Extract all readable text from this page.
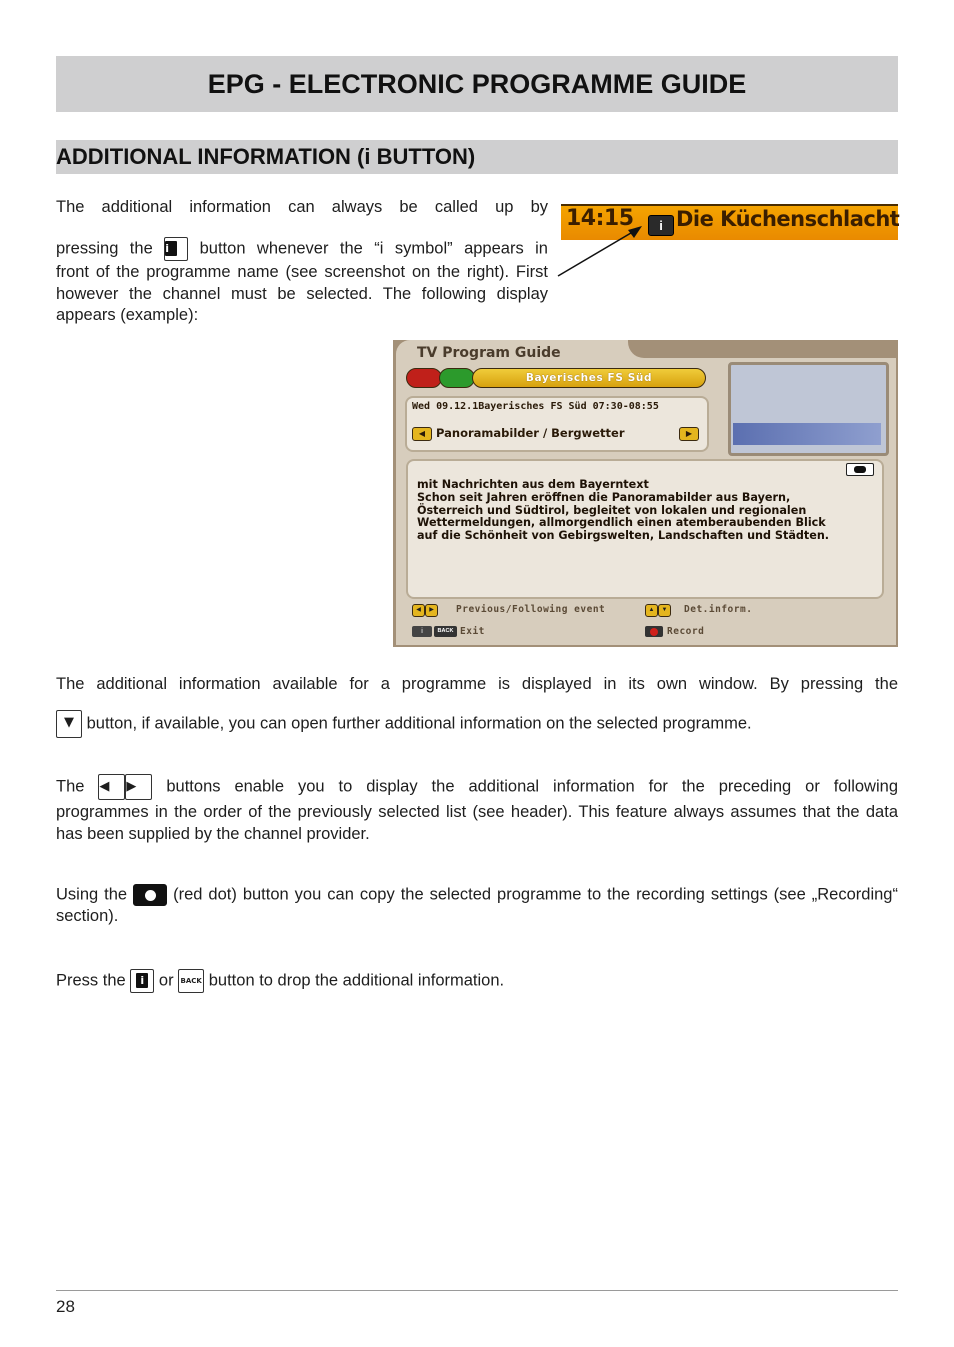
EPG - ELECTRONIC PROGRAMME GUIDE
ADDITIONAL INFORMATION (i BUTTON)
The additional information can always be called up by
pressing the i button whenever the “i symbol” appears in
front of the programme name (see screenshot on the right). First however the channel must be selected. The following display appears (example):
14:15	i Die Küchenschlacht
TV Program Guide
Bayerisches FS Süd
Wed 09.12.1Bayerisches FS Süd 07:30-08:55
◀ Panoramabilder / Bergwetter	▶
mit Nachrichten aus dem Bayerntext
Schon seit Jahren eröffnen die Panoramabilder aus Bayern,
Österreich und Südtirol, begleitet von lokalen und regionalen
Wettermeldungen, allmorgendlich einen atemberaubenden Blick
auf die Schönheit von Gebirgswelten, Landschaften und Städten.
◀	▶	Previous/Following event	▲	▼	Det.inform.
i	BACK Exit	Record
The additional information available for a programme is displayed in its own window. By pressing the
▼ button, if available, you can open further additional information on the selected programme.
The ◀ ▶ buttons enable you to display the additional information for the preceding or following
programmes in the order of the previously selected list (see header). This feature always assumes that the data has been supplied by the channel provider.
Using the	(red dot) button you can copy the selected programme to the recording settings (see „Recording“ section).
Press the i or BACK button to drop the additional information.
28
